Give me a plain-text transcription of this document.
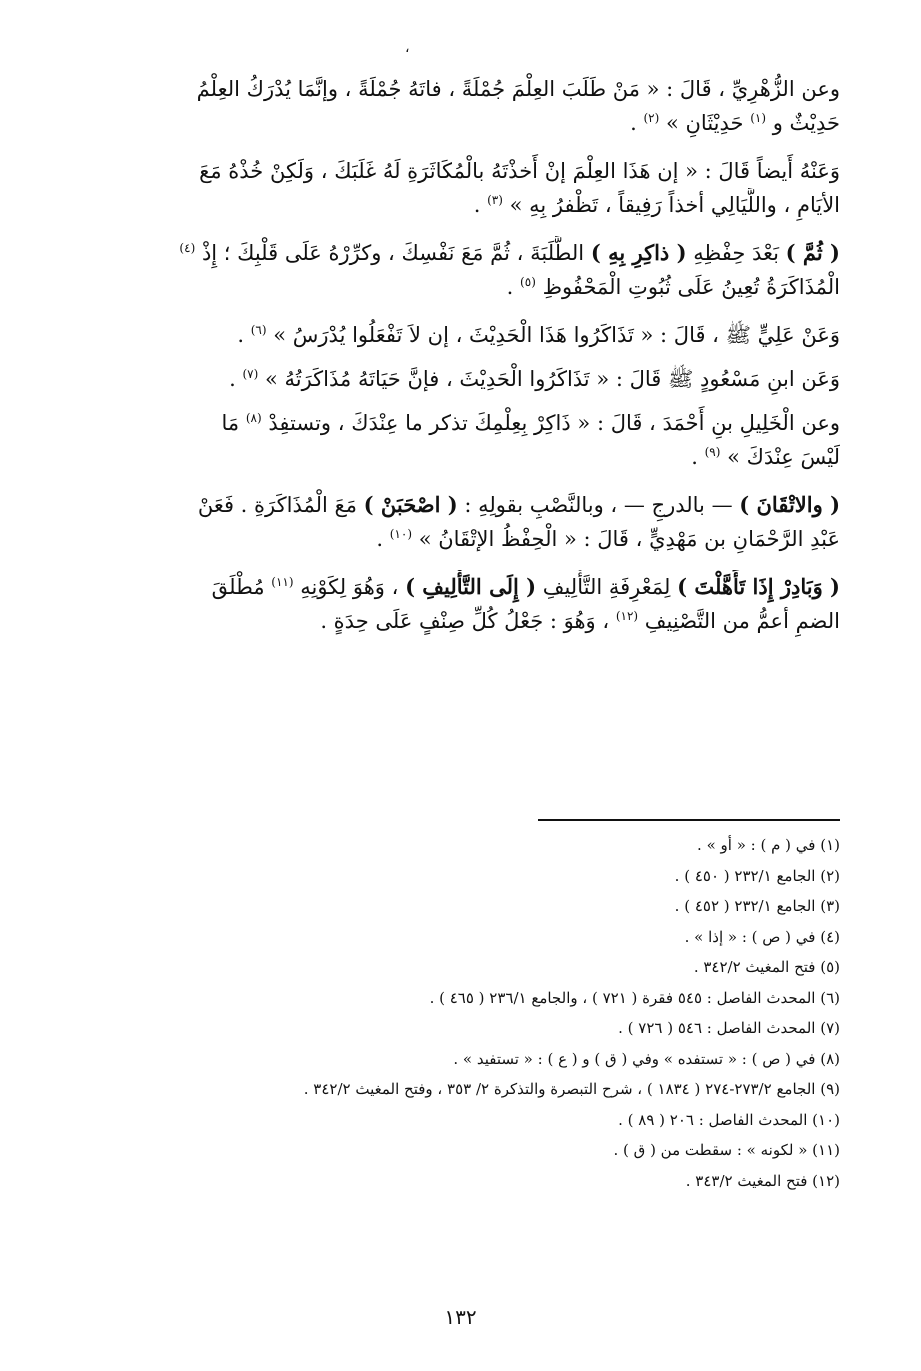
،
وعن الزُّهْرِيِّ ، قَالَ : « مَنْ طَلَبَ العِلْمَ جُمْلَةً ، فاتَهُ جُمْلَةً ، وإنَّمَا يُدْرَكُ العِلْمُ
حَدِيْثٌ و $^{(١)}$ حَدِيْثَانِ » $^{(٢)}$ .
وَعَنْهُ أَيضاً قَالَ : « إن هَذَا العِلْمَ إنْ أَخذْتَهُ بالْمُكَاثَرَةِ لَهُ غَلَبَكَ ، وَلَكِنْ خُذْهُ مَعَ
الأيَامِ ، واللَّيَالِي أخذاً رَفِيقاً ، تَظْفرُ بِهِ » $^{(٣)}$ .
( ثُمَّ ) بَعْدَ حِفْظِهِ ( ذاكِرِ بِهِ ) الطَّلَبَةَ ، ثُمَّ مَعَ نَفْسِكَ ، وكرِّرْهُ عَلَى قَلْبِكَ ؛ إِذْ $^{(٤)}$
الْمُذَاكَرَةُ تُعِينُ عَلَى ثُبُوتِ الْمَحْفُوظِ $^{(٥)}$ .
وَعَنْ عَلِيٍّ ﷺ ، قَالَ : « تَذَاكَرُوا هَذَا الْحَدِيْثَ ، إن لاَ تَفْعَلُوا يُدْرَسُ » $^{(٦)}$ .
وَعَن ابنِ مَسْعُودٍ ﷺ قَالَ : « تَذَاكَرُوا الْحَدِيْثَ ، فإنَّ حَيَاتَهُ مُذَاكَرَتُهُ » $^{(٧)}$ .
وعن الْخَلِيلِ بنِ أَحْمَدَ ، قَالَ : « ذَاكِرْ بِعِلْمِكَ تذكر ما عِنْدَكَ ، وتستفِدْ $^{(٨)}$ مَا
لَيْسَ عِنْدَكَ » $^{(٩)}$ .
( والاتْقَانَ ) — بالدرجِ — ، وبالنَّصْبِ بقولِهِ : ( اصْحَبَنْ ) مَعَ الْمُذَاكَرَةِ . فَعَنْ
عَبْدِ الرَّحْمَانِ بن مَهْدِيٍّ ، قَالَ : « الْحِفْظُ الإتْقَانُ » $^{(١٠)}$ .
( وَبَادِرْ إِذَا تَأَهَّلْتَ ) لِمَعْرِفَةِ التَّأْلِيفِ ( إِلَى التَّأْلِيفِ ) ، وَهُوَ لِكَوْنِهِ $^{(١١)}$ مُطْلَقَ
الضمِ أعمُّ من التَّصْنِيفِ $^{(١٢)}$ ، وَهُوَ : جَعْلُ كُلِّ صِنْفٍ عَلَى حِدَةٍ .
(١) في ( م ) : « أو » .
(٢) الجامع ٢٣٢/١ ( ٤٥٠ ) .
(٣) الجامع ٢٣٢/١ ( ٤٥٢ ) .
(٤) في ( ص ) : « إذا » .
(٥) فتح المغيث ٣٤٢/٢ .
(٦) المحدث الفاصل : ٥٤٥ فقرة ( ٧٢١ ) ، والجامع ٢٣٦/١ ( ٤٦٥ ) .
(٧) المحدث الفاصل : ٥٤٦ ( ٧٢٦ ) .
(٨) في ( ص ) : « تستفده » وفي ( ق ) و ( ع ) : « تستفيد » .
(٩) الجامع ٢٧٣/٢-٢٧٤ ( ١٨٣٤ ) ، شرح التبصرة والتذكرة ٢/ ٣٥٣ ، وفتح المغيث ٣٤٢/٢ .
(١٠) المحدث الفاصل : ٢٠٦ ( ٨٩ ) .
(١١) « لكونه » : سقطت من ( ق ) .
(١٢) فتح المغيث ٣٤٣/٢ .
١٣٢
